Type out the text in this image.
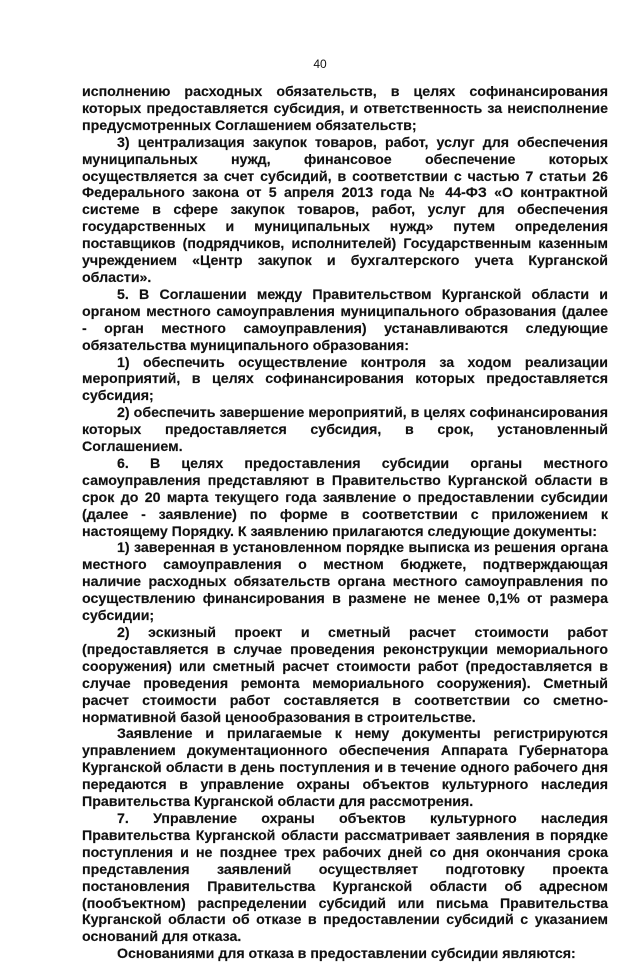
40

исполнению расходных обязательств, в целях софинансирования которых предоставляется субсидия, и ответственность за неисполнение предусмотренных Соглашением обязательств;

3) централизация закупок товаров, работ, услуг для обеспечения муниципальных нужд, финансовое обеспечение которых осуществляется за счет субсидий, в соответствии с частью 7 статьи 26 Федерального закона от 5 апреля 2013 года № 44-ФЗ «О контрактной системе в сфере закупок товаров, работ, услуг для обеспечения государственных и муниципальных нужд» путем определения поставщиков (подрядчиков, исполнителей) Государственным казенным учреждением «Центр закупок и бухгалтерского учета Курганской области».

5. В Соглашении между Правительством Курганской области и органом местного самоуправления муниципального образования (далее - орган местного самоуправления) устанавливаются следующие обязательства муниципального образования:

1) обеспечить осуществление контроля за ходом реализации мероприятий, в целях софинансирования которых предоставляется субсидия;

2) обеспечить завершение мероприятий, в целях софинансирования которых предоставляется субсидия, в срок, установленный Соглашением.

6. В целях предоставления субсидии органы местного самоуправления представляют в Правительство Курганской области в срок до 20 марта текущего года заявление о предоставлении субсидии (далее - заявление) по форме в соответствии с приложением к настоящему Порядку. К заявлению прилагаются следующие документы:

1) заверенная в установленном порядке выписка из решения органа местного самоуправления о местном бюджете, подтверждающая наличие расходных обязательств органа местного самоуправления по осуществлению финансирования в размене не менее 0,1% от размера субсидии;

2) эскизный проект и сметный расчет стоимости работ (предоставляется в случае проведения реконструкции мемориального сооружения) или сметный расчет стоимости работ (предоставляется в случае проведения ремонта мемориального сооружения). Сметный расчет стоимости работ составляется в соответствии со сметно-нормативной базой ценообразования в строительстве.

Заявление и прилагаемые к нему документы регистрируются управлением документационного обеспечения Аппарата Губернатора Курганской области в день поступления и в течение одного рабочего дня передаются в управление охраны объектов культурного наследия Правительства Курганской области для рассмотрения.

7. Управление охраны объектов культурного наследия Правительства Курганской области рассматривает заявления в порядке поступления и не позднее трех рабочих дней со дня окончания срока представления заявлений осуществляет подготовку проекта постановления Правительства Курганской области об адресном (пообъектном) распределении субсидий или письма Правительства Курганской области об отказе в предоставлении субсидий с указанием оснований для отказа.

Основаниями для отказа в предоставлении субсидии являются:
